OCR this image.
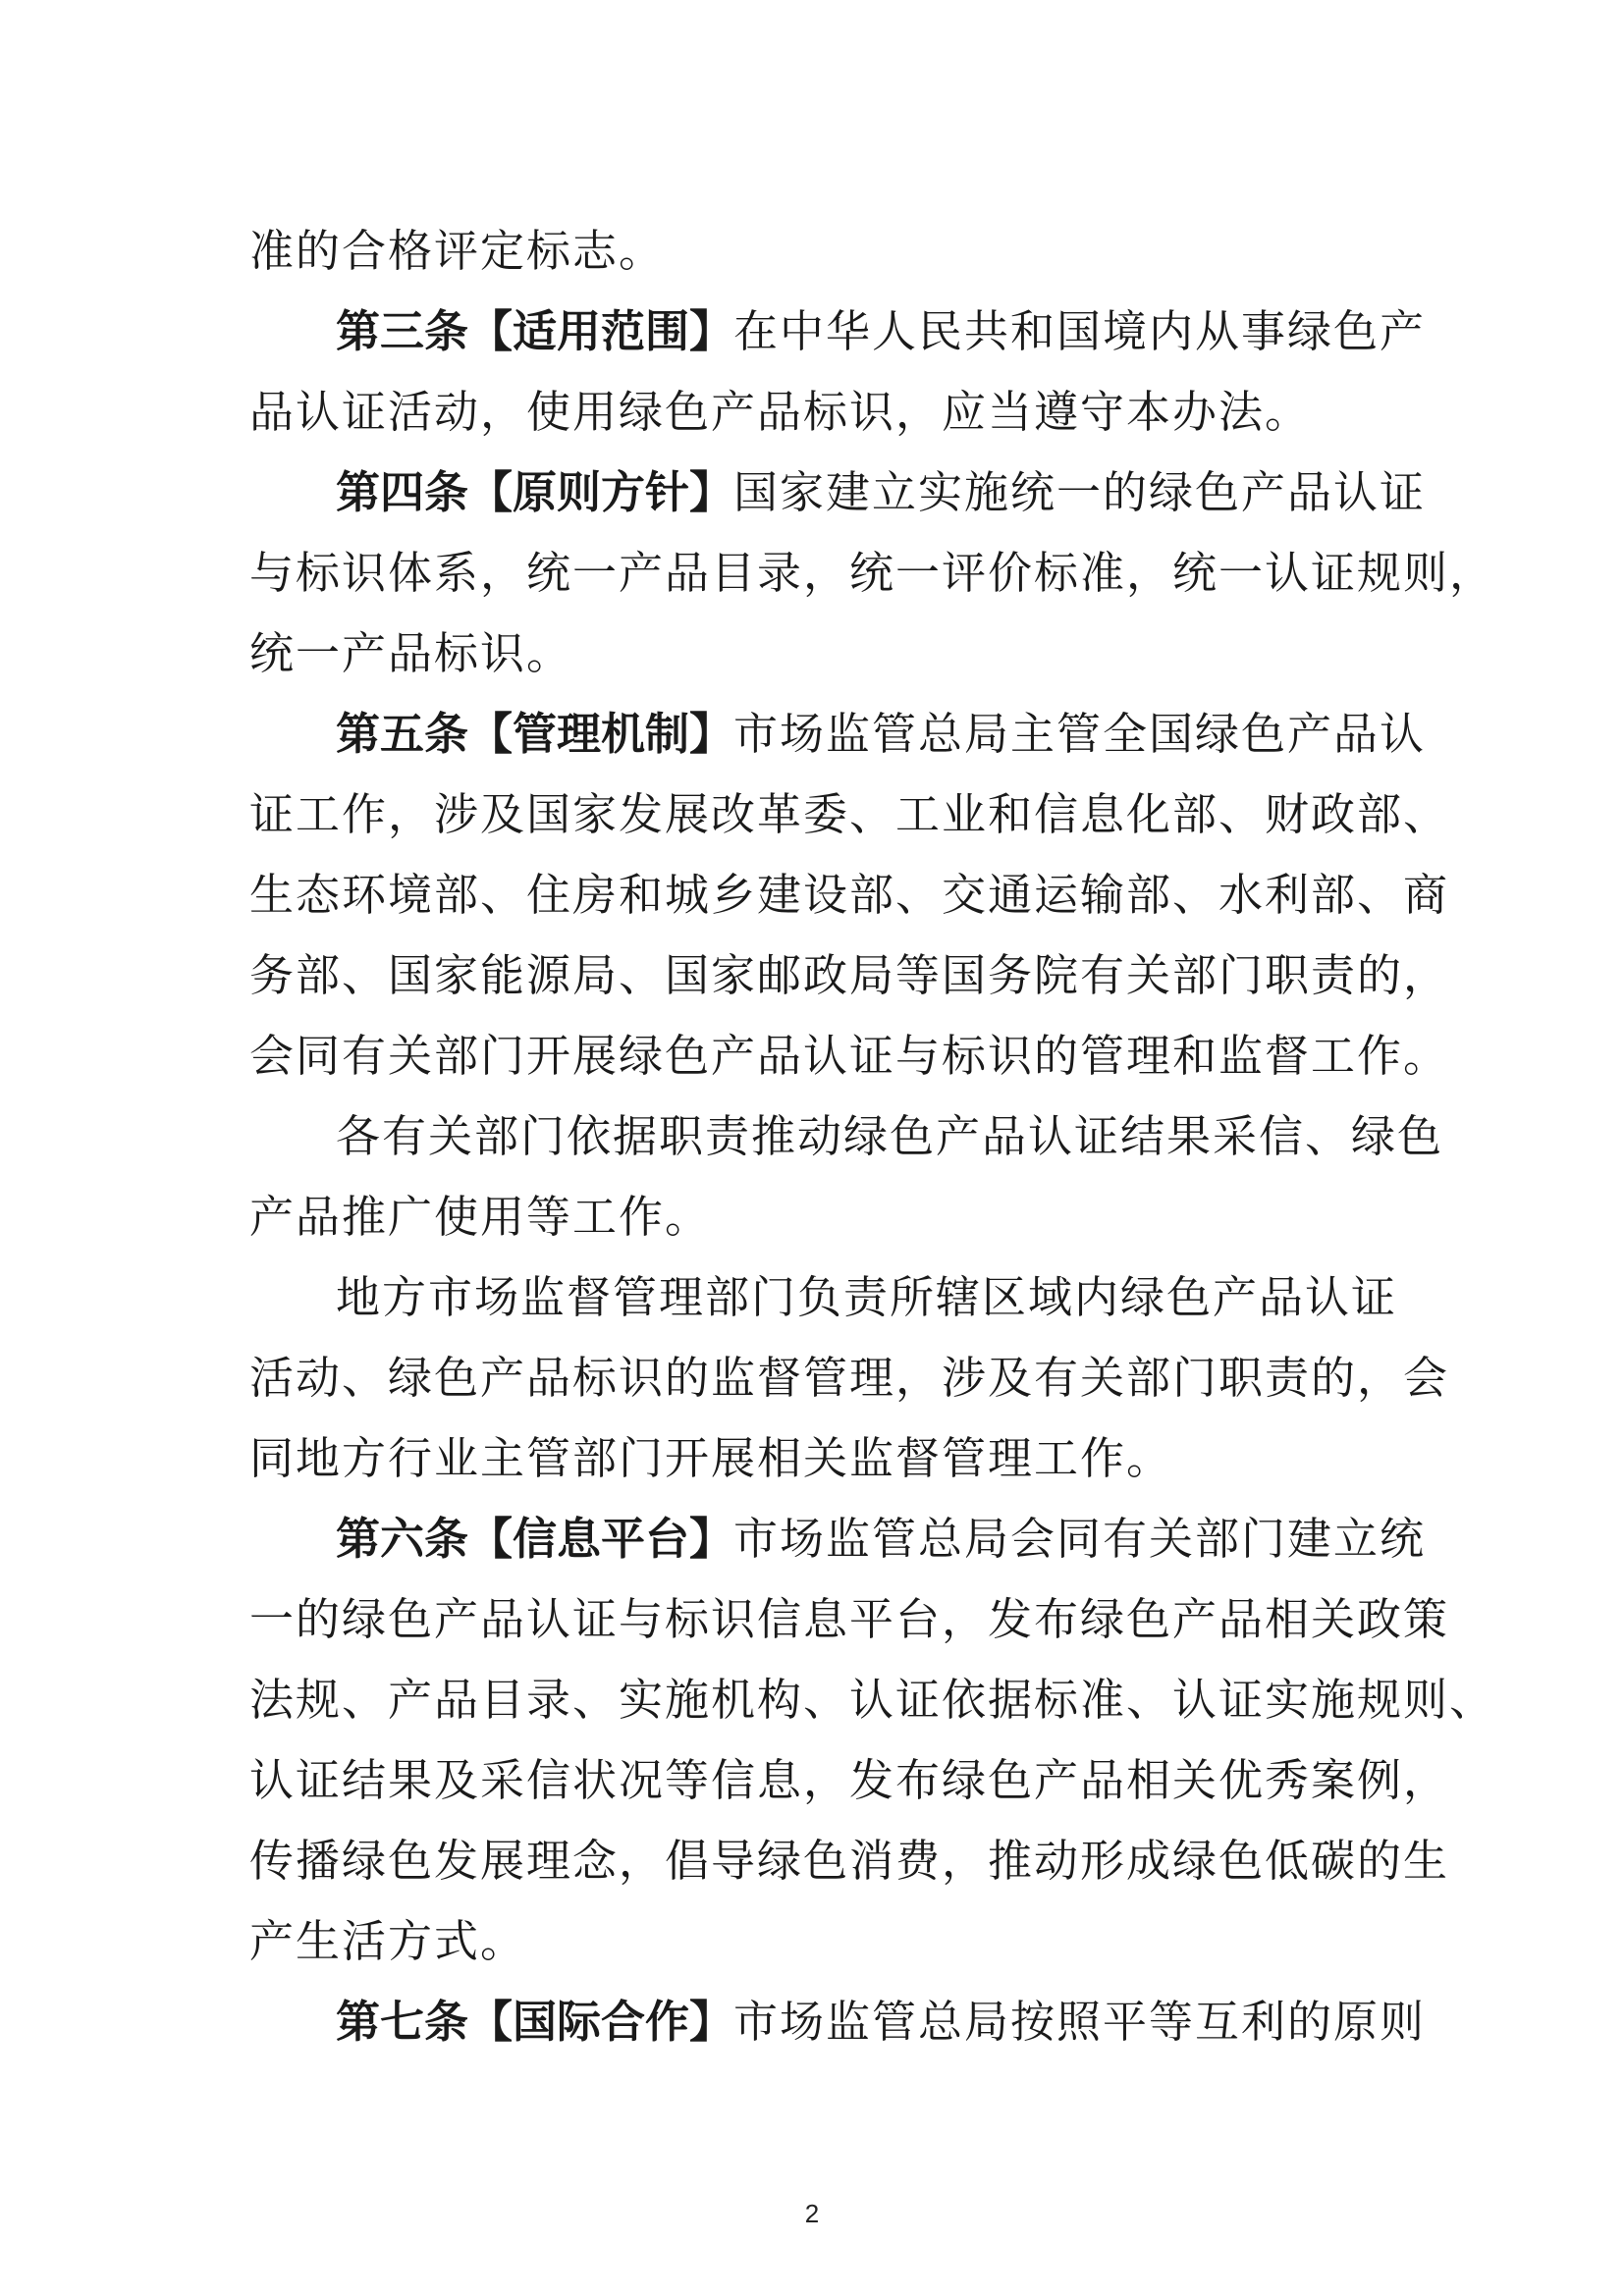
准的合格评定标志。
第三条【适用范围】在中华人民共和国境内从事绿色产
品认证活动，使用绿色产品标识，应当遵守本办法。
第四条【原则方针】国家建立实施统一的绿色产品认证
与标识体系，统一产品目录，统一评价标准，统一认证规则，
统一产品标识。
第五条【管理机制】市场监管总局主管全国绿色产品认
证工作，涉及国家发展改革委、工业和信息化部、财政部、
生态环境部、住房和城乡建设部、交通运输部、水利部、商
务部、国家能源局、国家邮政局等国务院有关部门职责的，
会同有关部门开展绿色产品认证与标识的管理和监督工作。
各有关部门依据职责推动绿色产品认证结果采信、绿色
产品推广使用等工作。
地方市场监督管理部门负责所辖区域内绿色产品认证
活动、绿色产品标识的监督管理，涉及有关部门职责的，会
同地方行业主管部门开展相关监督管理工作。
第六条【信息平台】市场监管总局会同有关部门建立统
一的绿色产品认证与标识信息平台，发布绿色产品相关政策
法规、产品目录、实施机构、认证依据标准、认证实施规则、
认证结果及采信状况等信息，发布绿色产品相关优秀案例，
传播绿色发展理念，倡导绿色消费，推动形成绿色低碳的生
产生活方式。
第七条【国际合作】市场监管总局按照平等互利的原则
2
